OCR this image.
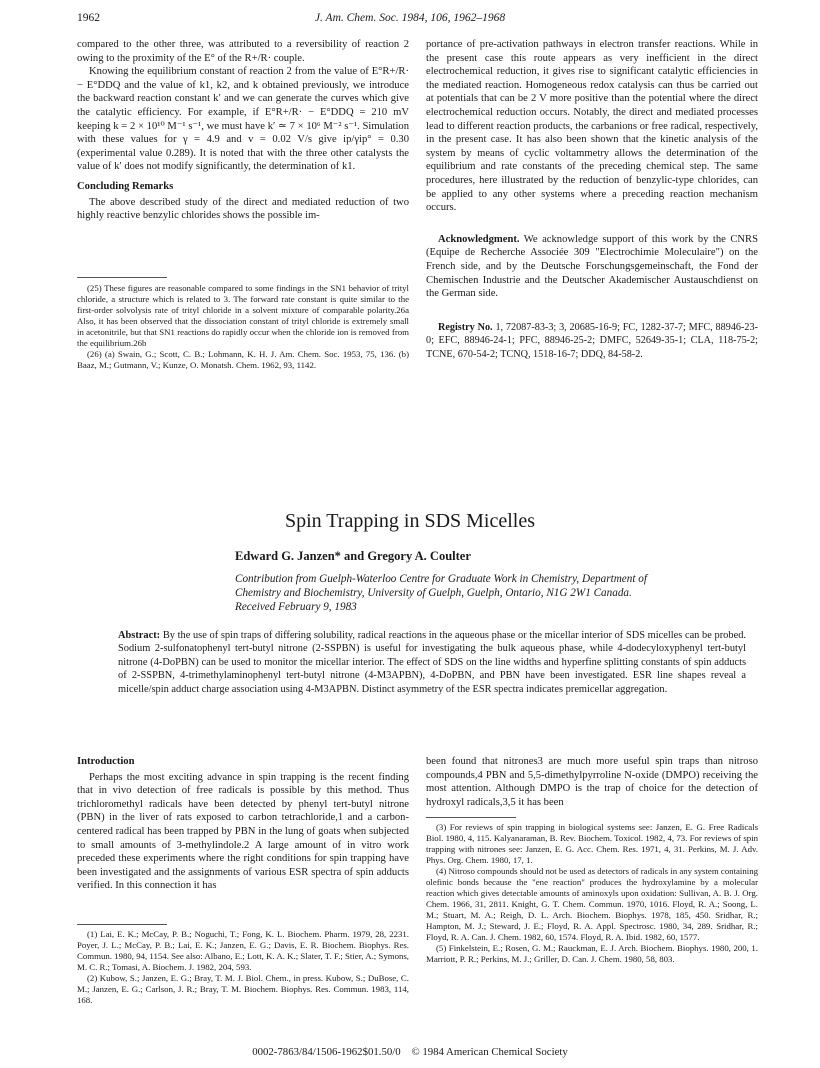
1962	J. Am. Chem. Soc. 1984, 106, 1962–1968

compared to the other three, was attributed to a reversibility of reaction 2 owing to the proximity of the E° of the R+/R· couple.

Knowing the equilibrium constant of reaction 2 from the value of E°R+/R· − E°DDQ and the value of k1, k2, and k obtained previously, we introduce the backward reaction constant k′ and we can generate the curves which give the catalytic efficiency. For example, if E°R+/R· − E°DDQ = 210 mV keeping k = 2 × 10¹⁰ M⁻¹ s⁻¹, we must have k′ ≃ 7 × 10⁶ M⁻² s⁻¹. Simulation with these values for γ = 4.9 and v = 0.02 V/s give ip/γip° = 0.30 (experimental value 0.289). It is noted that with the three other catalysts the value of k′ does not modify significantly, the determination of k1.

Concluding Remarks

The above described study of the direct and mediated reduction of two highly reactive benzylic chlorides shows the possible im-

(25) These figures are reasonable compared to some findings in the SN1 behavior of trityl chloride, a structure which is related to 3. The forward rate constant is quite similar to the first-order solvolysis rate of trityl chloride in a solvent mixture of comparable polarity.26a Also, it has been observed that the dissociation constant of trityl chloride is extremely small in acetonitrile, but that SN1 reactions do rapidly occur when the chloride ion is removed from the equilibrium.26b

(26) (a) Swain, G.; Scott, C. B.; Lohmann, K. H. J. Am. Chem. Soc. 1953, 75, 136. (b) Baaz, M.; Gutmann, V.; Kunze, O. Monatsh. Chem. 1962, 93, 1142.

portance of pre-activation pathways in electron transfer reactions. While in the present case this route appears as very inefficient in the direct electrochemical reduction, it gives rise to significant catalytic efficiencies in the mediated reaction. Homogeneous redox catalysis can thus be carried out at potentials that can be 2 V more positive than the potential where the direct electrochemical reduction occurs. Notably, the direct and mediated processes lead to different reaction products, the carbanions or free radical, respectively, in the present case. It has also been shown that the kinetic analysis of the system by means of cyclic voltammetry allows the determination of the equilibrium and rate constants of the preceding chemical step. The same procedures, here illustrated by the reduction of benzylic-type chlorides, can be applied to any other systems where a preceding reaction mechanism occurs.

Acknowledgment. We acknowledge support of this work by the CNRS (Equipe de Recherche Associée 309 "Electrochimie Moleculaire") on the French side, and by the Deutsche Forschungsgemeinschaft, the Fond der Chemischen Industrie and the Deutscher Akademischer Austauschdienst on the German side.

Registry No. 1, 72087-83-3; 3, 20685-16-9; FC, 1282-37-7; MFC, 88946-23-0; EFC, 88946-24-1; PFC, 88946-25-2; DMFC, 52649-35-1; CLA, 118-75-2; TCNE, 670-54-2; TCNQ, 1518-16-7; DDQ, 84-58-2.

Spin Trapping in SDS Micelles
Edward G. Janzen* and Gregory A. Coulter
Contribution from Guelph-Waterloo Centre for Graduate Work in Chemistry, Department of
Chemistry and Biochemistry, University of Guelph, Guelph, Ontario, N1G 2W1 Canada.
Received February 9, 1983
Abstract: By the use of spin traps of differing solubility, radical reactions in the aqueous phase or the micellar interior of SDS micelles can be probed. Sodium 2-sulfonatophenyl tert-butyl nitrone (2-SSPBN) is useful for investigating the bulk aqueous phase, while 4-dodecyloxyphenyl tert-butyl nitrone (4-DoPBN) can be used to monitor the micellar interior. The effect of SDS on the line widths and hyperfine splitting constants of spin adducts of 2-SSPBN, 4-trimethylaminophenyl tert-butyl nitrone (4-M3APBN), 4-DoPBN, and PBN have been investigated. ESR line shapes reveal a micelle/spin adduct charge association using 4-M3APBN. Distinct asymmetry of the ESR spectra indicates premicellar aggregation.

Introduction

Perhaps the most exciting advance in spin trapping is the recent finding that in vivo detection of free radicals is possible by this method. Thus trichloromethyl radicals have been detected by phenyl tert-butyl nitrone (PBN) in the liver of rats exposed to carbon tetrachloride,1 and a carbon-centered radical has been trapped by PBN in the lung of goats when subjected to small amounts of 3-methylindole.2 A large amount of in vitro work preceded these experiments where the right conditions for spin trapping have been investigated and the assignments of various ESR spectra of spin adducts verified. In this connection it has

(1) Lai, E. K.; McCay, P. B.; Noguchi, T.; Fong, K. L. Biochem. Pharm. 1979, 28, 2231. Poyer, J. L.; McCay, P. B.; Lai, E. K.; Janzen, E. G.; Davis, E. R. Biochem. Biophys. Res. Commun. 1980, 94, 1154. See also: Albano, E.; Lott, K. A. K.; Slater, T. F.; Stier, A.; Symons, M. C. R.; Tomasi, A. Biochem. J. 1982, 204, 593.

(2) Kubow, S.; Janzen, E. G.; Bray, T. M. J. Biol. Chem., in press. Kubow, S.; DuBose, C. M.; Janzen, E. G.; Carlson, J. R.; Bray, T. M. Biochem. Biophys. Res. Commun. 1983, 114, 168.

been found that nitrones3 are much more useful spin traps than nitroso compounds,4 PBN and 5,5-dimethylpyrroline N-oxide (DMPO) receiving the most attention. Although DMPO is the trap of choice for the detection of hydroxyl radicals,3,5 it has been

(3) For reviews of spin trapping in biological systems see: Janzen, E. G. Free Radicals Biol. 1980, 4, 115. Kalyanaraman, B. Rev. Biochem. Toxicol. 1982, 4, 73. For reviews of spin trapping with nitrones see: Janzen, E. G. Acc. Chem. Res. 1971, 4, 31. Perkins, M. J. Adv. Phys. Org. Chem. 1980, 17, 1.

(4) Nitroso compounds should not be used as detectors of radicals in any system containing olefinic bonds because the "ene reaction" produces the hydroxylamine by a molecular reaction which gives detectable amounts of aminoxyls upon oxidation: Sullivan, A. B. J. Org. Chem. 1966, 31, 2811. Knight, G. T. Chem. Commun. 1970, 1016. Floyd, R. A.; Soong, L. M.; Stuart, M. A.; Reigh, D. L. Arch. Biochem. Biophys. 1978, 185, 450. Sridhar, R.; Hampton, M. J.; Steward, J. E.; Floyd, R. A. Appl. Spectrosc. 1980, 34, 289. Sridhar, R.; Floyd, R. A. Can. J. Chem. 1982, 60, 1574. Floyd, R. A. Ibid. 1982, 60, 1577.

(5) Finkelstein, E.; Rosen, G. M.; Rauckman, E. J. Arch. Biochem. Biophys. 1980, 200, 1. Marriott, P. R.; Perkins, M. J.; Griller, D. Can. J. Chem. 1980, 58, 803.

0002-7863/84/1506-1962$01.50/0 © 1984 American Chemical Society
